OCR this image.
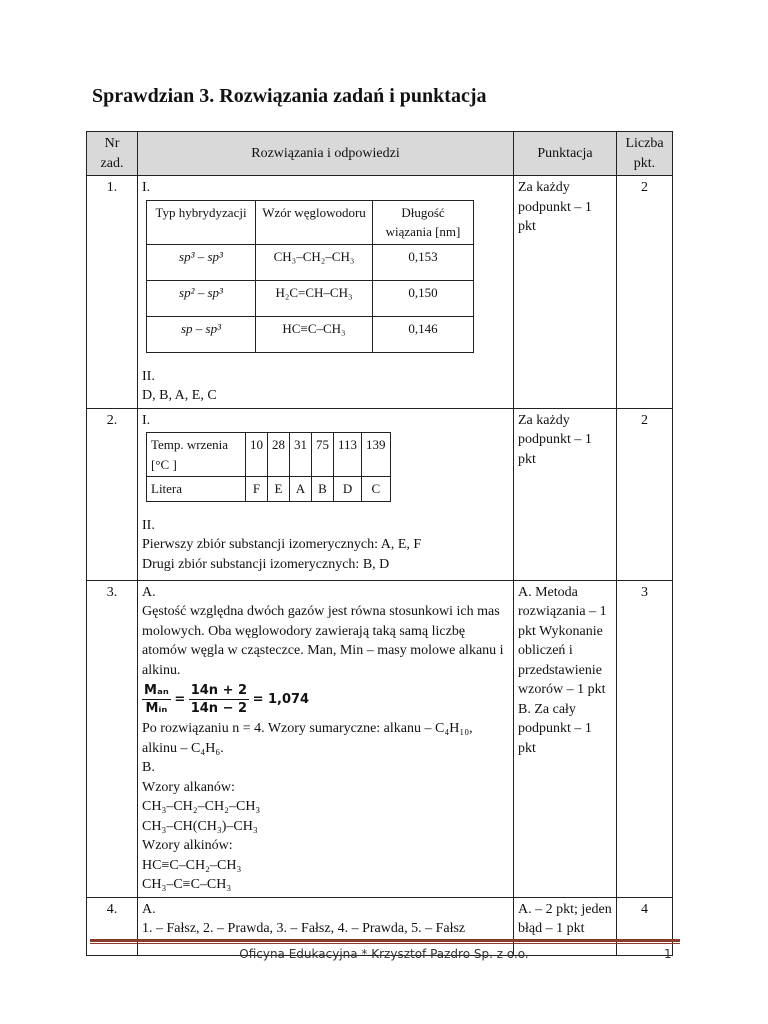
Sprawdzian 3. Rozwiązania zadań i punktacja
Nr
zad.	Rozwiązania i odpowiedzi	Punktacja	Liczba
pkt.
1.	I.
Typ hybrydyzacji	Wzór węglowodoru	Długość wiązania [nm]
sp³ – sp³	CH₃–CH₂–CH₃	0,153
sp² – sp³	H₂C=CH–CH₃	0,150
sp – sp³	HC≡C–CH₃	0,146
II.
D, B, A, E, C
	Za każdy podpunkt – 1 pkt	2
2.	I.
Temp. wrzenia [°C ]	10	28	31	75	113	139
Litera	F	E	A	B	D	C
II.
Pierwszy zbiór substancji izomerycznych: A, E, F
Drugi zbiór substancji izomerycznych: B, D
	Za każdy podpunkt – 1 pkt	2
3.	A.
Gęstość względna dwóch gazów jest równa stosunkowi ich mas molowych. Oba węglowodory zawierają taką samą liczbę atomów węgla w cząsteczce. Man, Min – masy molowe alkanu i alkinu.
$\frac{\text{Mₐₙ}}{\text{Mᵢₙ}} = \frac{14n + 2}{14n - 2} = 1,074$
Po rozwiązaniu n = 4. Wzory sumaryczne: alkanu – C₄H₁₀, alkinu – C₄H₆.
B.
Wzory alkanów:
CH₃–CH₂–CH₂–CH₃
CH₃–CH(CH₃)–CH₃
Wzory alkinów:
HC≡C–CH₂–CH₃
CH₃–C≡C–CH₃
	A. Metoda rozwiązania – 1 pkt Wykonanie obliczeń i przedstawienie wzorów – 1 pkt B. Za cały podpunkt – 1 pkt	3
4.	A.
1. – Fałsz, 2. – Prawda, 3. – Fałsz, 4. – Prawda, 5. – Fałsz
	A. – 2 pkt; jeden błąd – 1 pkt	4
Oficyna Edukacyjna * Krzysztof Pazdro Sp. z o.o.	1
